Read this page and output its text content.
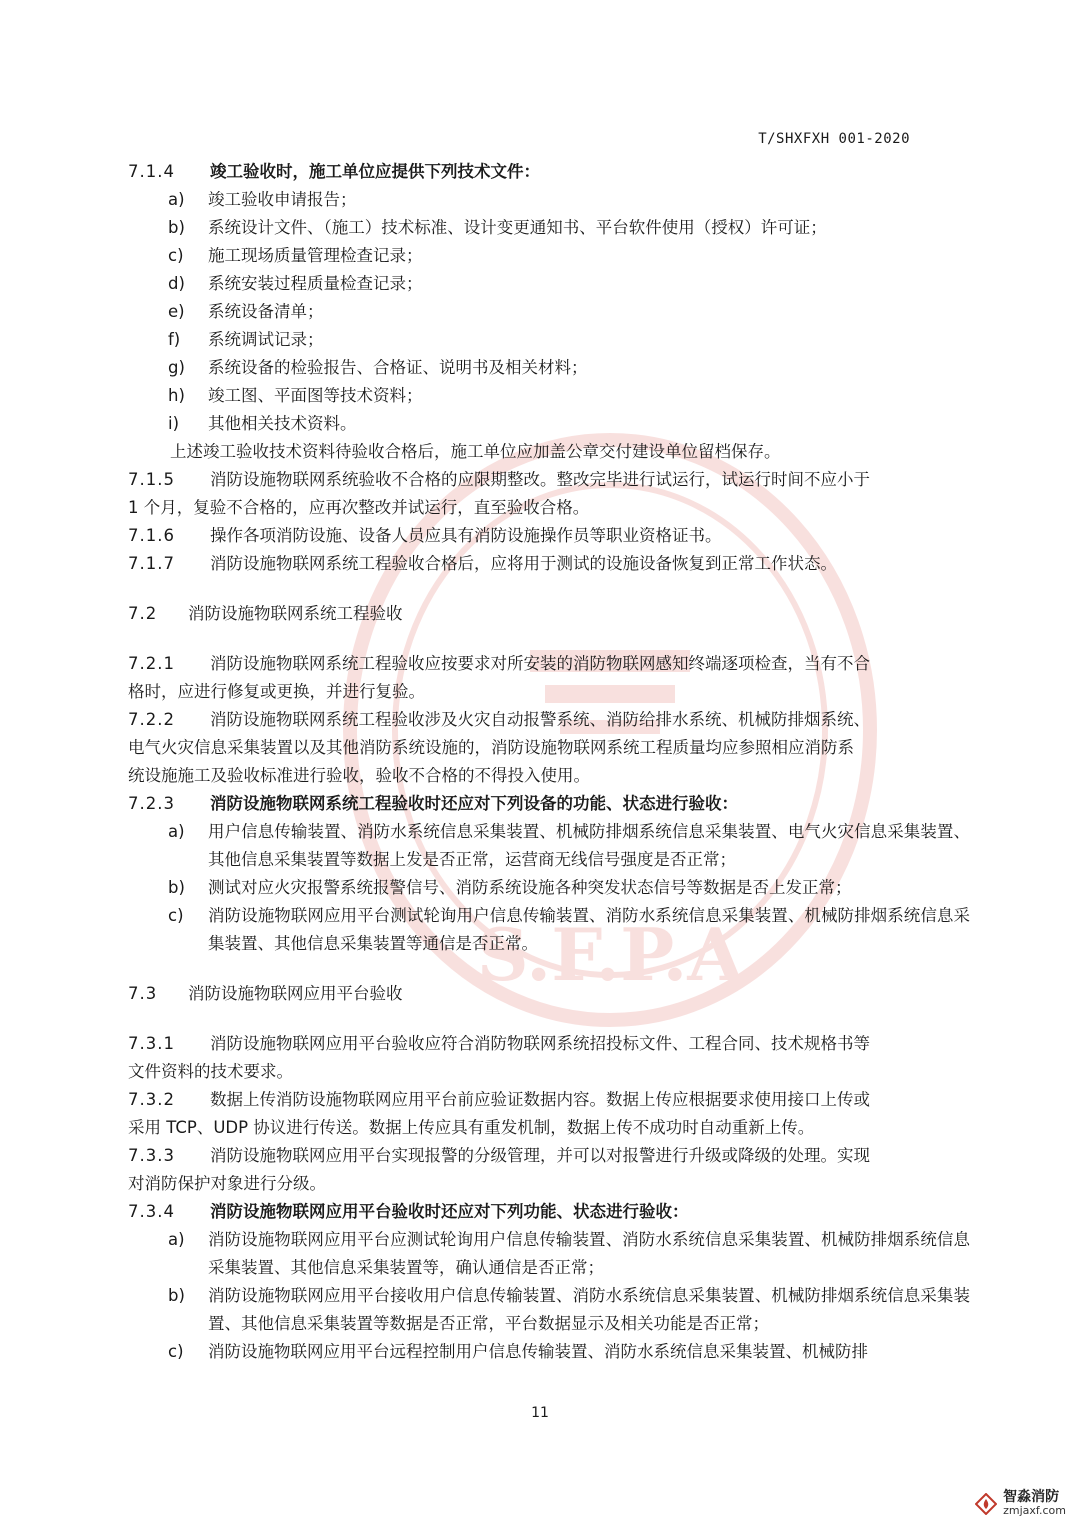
S.F.P.A
T/SHXFXH 001-2020
7.1.4	竣工验收时，施工单位应提供下列技术文件：
a)	竣工验收申请报告；
b)	系统设计文件、（施工）技术标准、设计变更通知书、平台软件使用（授权）许可证；
c)	施工现场质量管理检查记录；
d)	系统安装过程质量检查记录；
e)	系统设备清单；
f)	系统调试记录；
g)	系统设备的检验报告、合格证、说明书及相关材料；
h)	竣工图、平面图等技术资料；
i)	其他相关技术资料。
上述竣工验收技术资料待验收合格后，施工单位应加盖公章交付建设单位留档保存。
7.1.5	消防设施物联网系统验收不合格的应限期整改。整改完毕进行试运行，试运行时间不应小于
1 个月，复验不合格的，应再次整改并试运行，直至验收合格。
7.1.6	操作各项消防设施、设备人员应具有消防设施操作员等职业资格证书。
7.1.7	消防设施物联网系统工程验收合格后，应将用于测试的设施设备恢复到正常工作状态。
7.2	消防设施物联网系统工程验收
7.2.1	消防设施物联网系统工程验收应按要求对所安装的消防物联网感知终端逐项检查，当有不合
格时，应进行修复或更换，并进行复验。
7.2.2	消防设施物联网系统工程验收涉及火灾自动报警系统、消防给排水系统、机械防排烟系统、
电气火灾信息采集装置以及其他消防系统设施的，消防设施物联网系统工程质量均应参照相应消防系
统设施施工及验收标准进行验收，验收不合格的不得投入使用。
7.2.3	消防设施物联网系统工程验收时还应对下列设备的功能、状态进行验收：
a)	用户信息传输装置、消防水系统信息采集装置、机械防排烟系统信息采集装置、电气火灾信息采集装置、其他信息采集装置等数据上发是否正常，运营商无线信号强度是否正常；
b)	测试对应火灾报警系统报警信号、消防系统设施各种突发状态信号等数据是否上发正常；
c)	消防设施物联网应用平台测试轮询用户信息传输装置、消防水系统信息采集装置、机械防排烟系统信息采集装置、其他信息采集装置等通信是否正常。
7.3	消防设施物联网应用平台验收
7.3.1	消防设施物联网应用平台验收应符合消防物联网系统招投标文件、工程合同、技术规格书等
文件资料的技术要求。
7.3.2	数据上传消防设施物联网应用平台前应验证数据内容。数据上传应根据要求使用接口上传或
采用 TCP、UDP 协议进行传送。数据上传应具有重发机制，数据上传不成功时自动重新上传。
7.3.3	消防设施物联网应用平台实现报警的分级管理，并可以对报警进行升级或降级的处理。实现
对消防保护对象进行分级。
7.3.4	消防设施物联网应用平台验收时还应对下列功能、状态进行验收：
a)	消防设施物联网应用平台应测试轮询用户信息传输装置、消防水系统信息采集装置、机械防排烟系统信息采集装置、其他信息采集装置等，确认通信是否正常；
b)	消防设施物联网应用平台接收用户信息传输装置、消防水系统信息采集装置、机械防排烟系统信息采集装置、其他信息采集装置等数据是否正常，平台数据显示及相关功能是否正常；
c)	消防设施物联网应用平台远程控制用户信息传输装置、消防水系统信息采集装置、机械防排
11
智淼消防
zmjaxf.com
